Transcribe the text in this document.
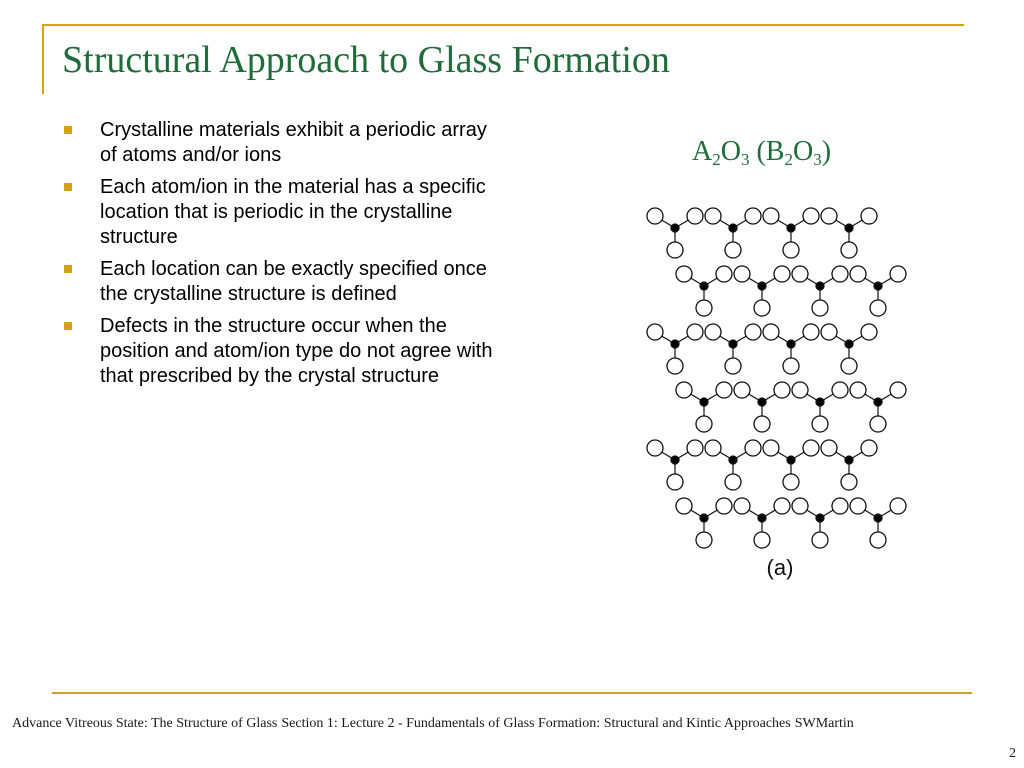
Structural Approach to Glass Formation
Crystalline materials exhibit a periodic array of atoms and/or ions
Each atom/ion in the material has a specific location that is periodic in the crystalline structure
Each location can be exactly specified once the crystalline structure is defined
Defects in the structure occur when the position and atom/ion type do not agree with that prescribed by the crystal structure
$A_2O_3$ $(B_2O_3)$
(a)
Advance Vitreous State: The Structure of Glass Section 1: Lecture 2 - Fundamentals of Glass Formation: Structural and Kintic Approaches SWMartin
2
